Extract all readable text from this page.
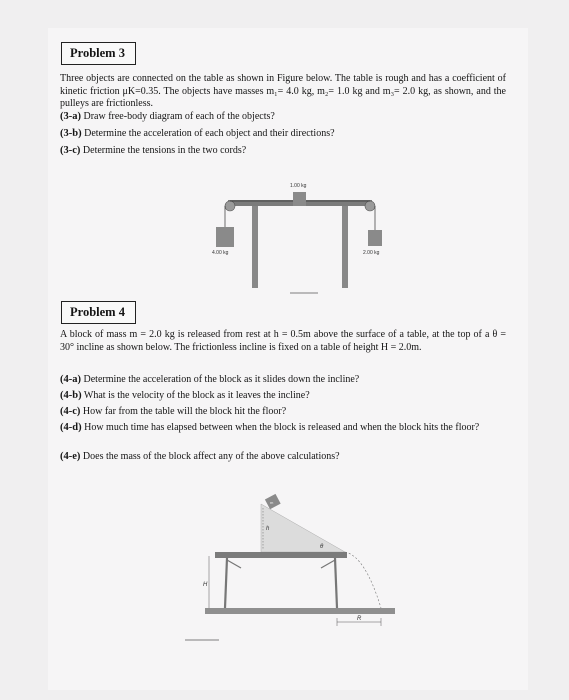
Problem 3
Three objects are connected on the table as shown in Figure below. The table is rough and has a coefficient of kinetic friction μK=0.35. The objects have masses m₁= 4.0 kg, m₂= 1.0 kg and m₃= 2.0 kg, as shown, and the pulleys are frictionless.
(3-a) Draw free-body diagram of each of the objects?
(3-b) Determine the acceleration of each object and their directions?
(3-c) Determine the tensions in the two cords?
1.00 kg
4.00 kg	2.00 kg
Problem 4
A block of mass m = 2.0 kg is released from rest at h = 0.5m above the surface of a table, at the top of a θ = 30° incline as shown below. The frictionless incline is fixed on a table of height H = 2.0m.
(4-a) Determine the acceleration of the block as it slides down the incline?
(4-b) What is the velocity of the block as it leaves the incline?
(4-c) How far from the table will the block hit the floor?
(4-d) How much time has elapsed between when the block is released and when the block hits the floor?
(4-e) Does the mass of the block affect any of the above calculations?
m
h
θ
H
R
